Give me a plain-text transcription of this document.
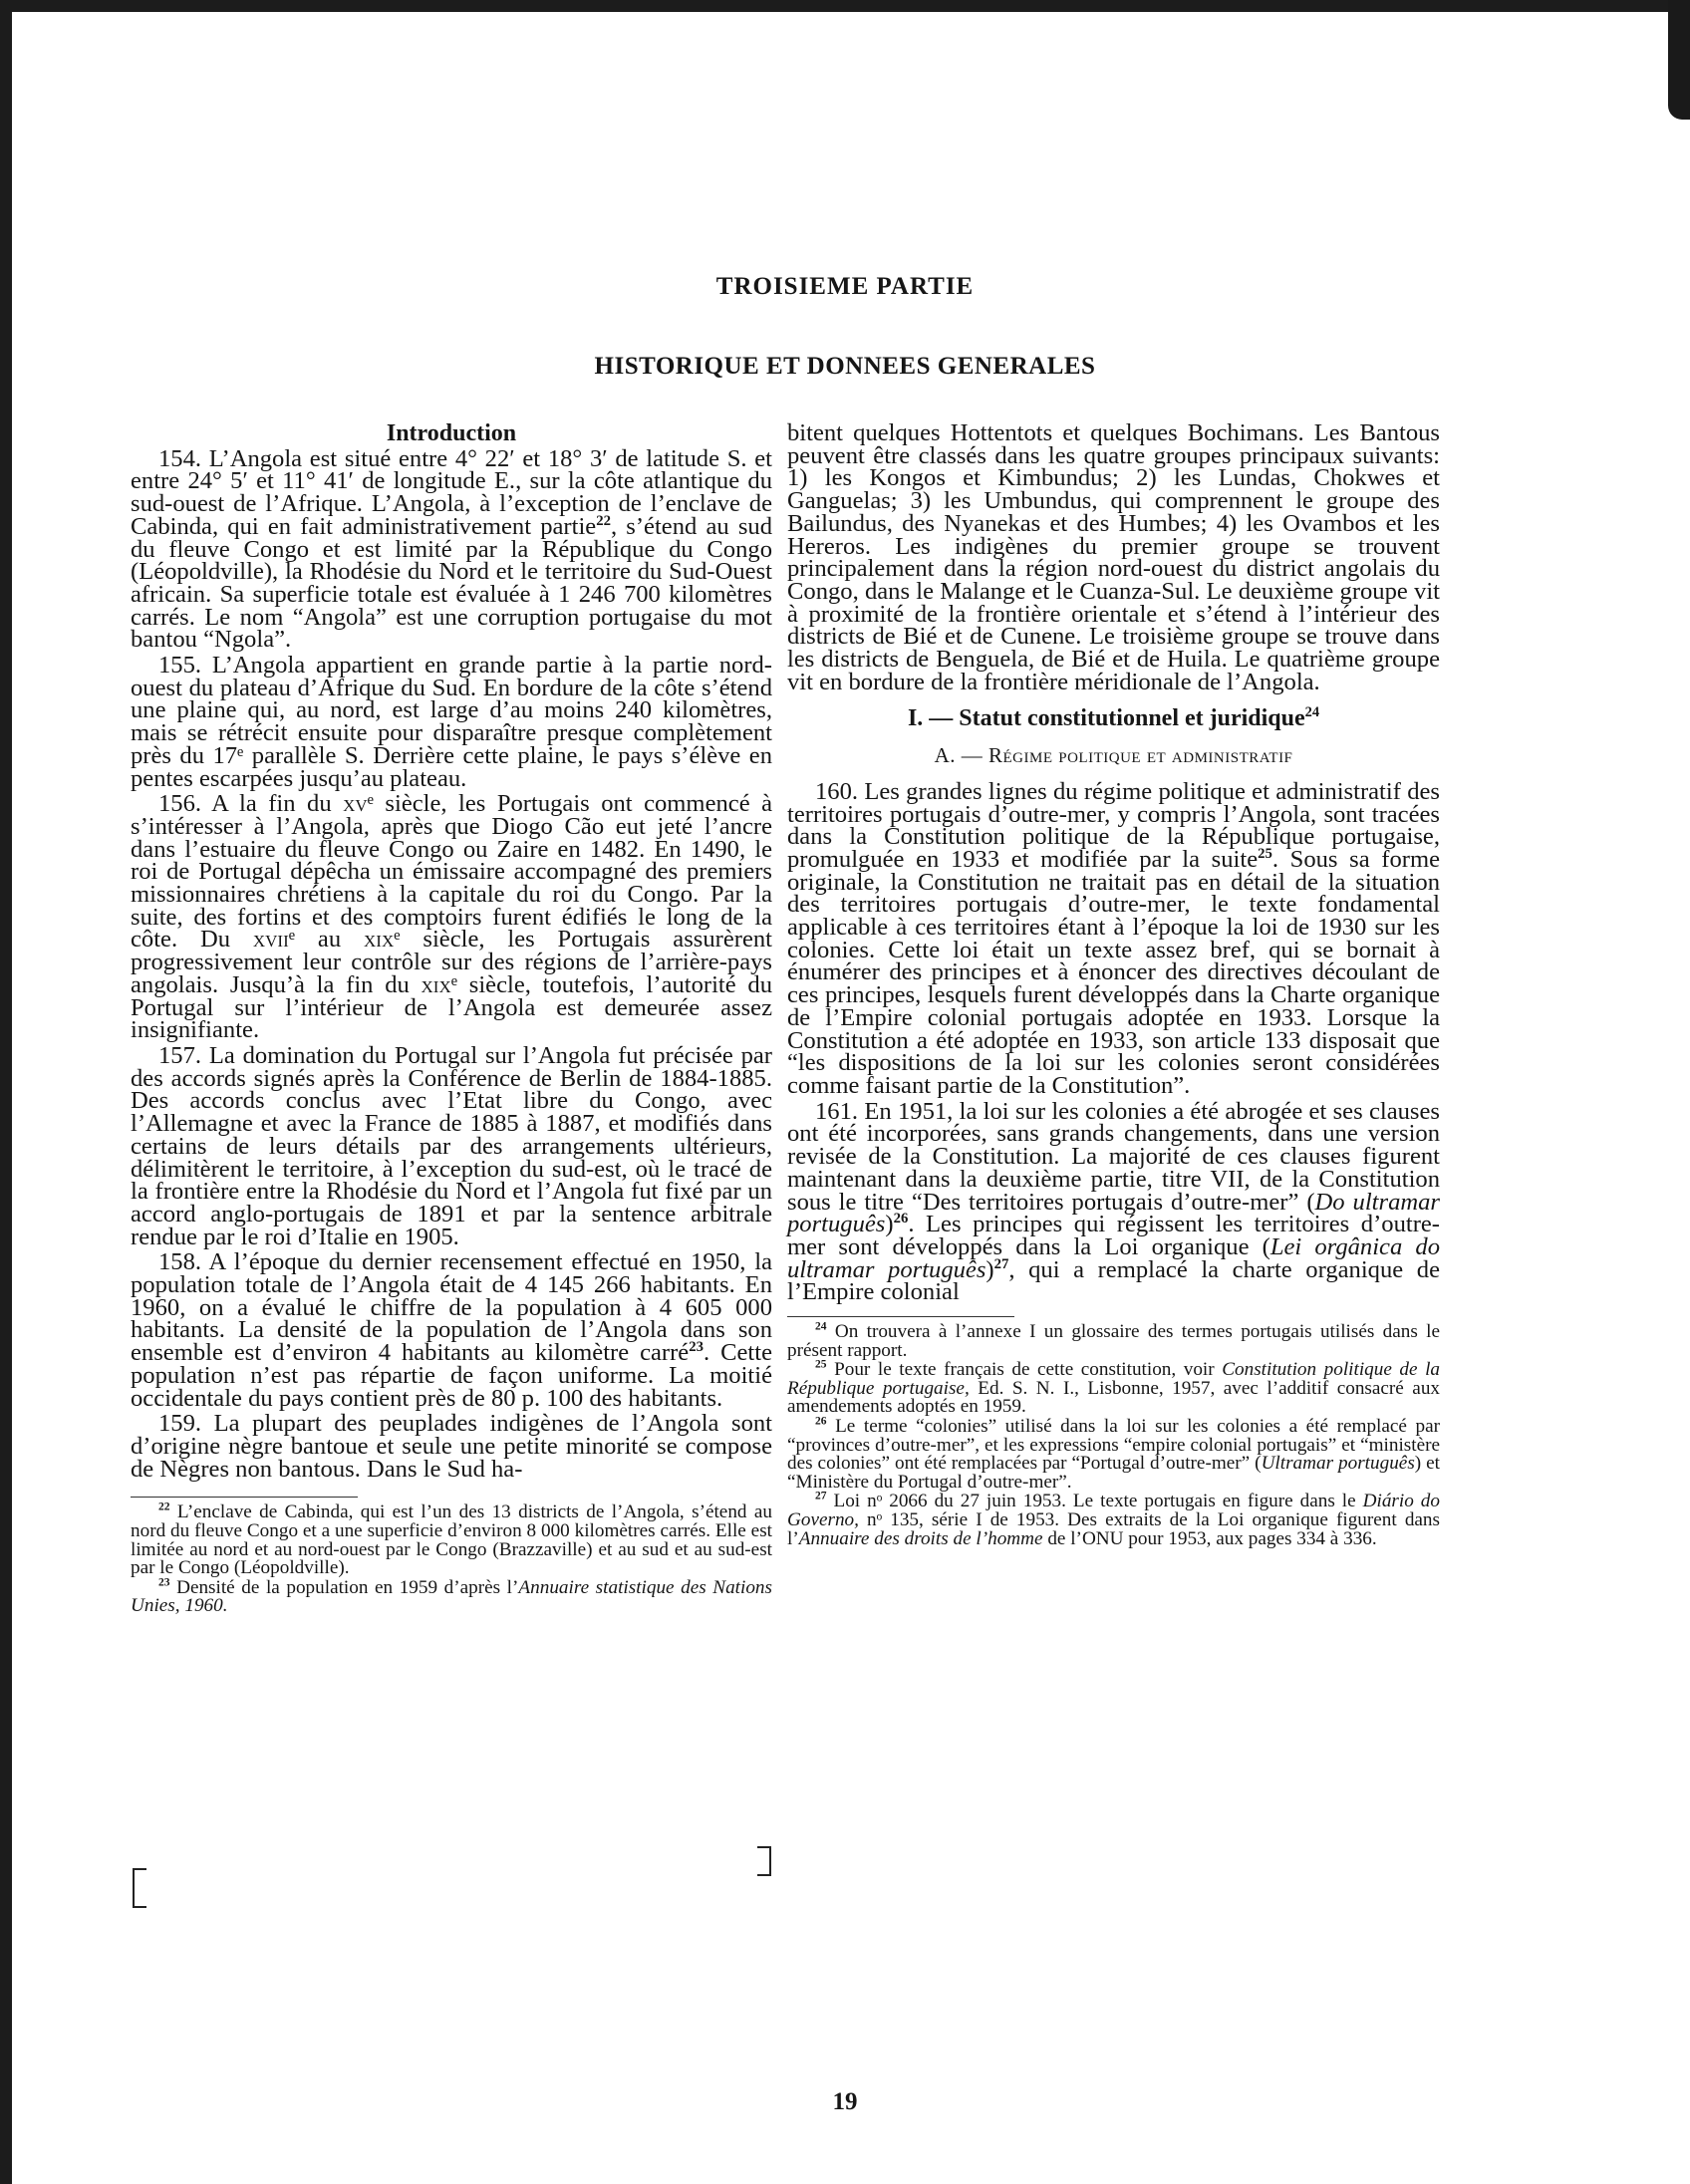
TROISIEME PARTIE
HISTORIQUE ET DONNEES GENERALES
Introduction

154. L’Angola est situé entre 4° 22′ et 18° 3′ de latitude S. et entre 24° 5′ et 11° 41′ de longitude E., sur la côte atlantique du sud-ouest de l’Afrique. L’Angola, à l’exception de l’enclave de Cabinda, qui en fait administrativement partie$^{22}$, s’étend au sud du fleuve Congo et est limité par la République du Congo (Léopoldville), la Rhodésie du Nord et le territoire du Sud-Ouest africain. Sa superficie totale est évaluée à 1 246 700 kilomètres carrés. Le nom “Angola” est une corruption portugaise du mot bantou “Ngola”.

155. L’Angola appartient en grande partie à la partie nord-ouest du plateau d’Afrique du Sud. En bordure de la côte s’étend une plaine qui, au nord, est large d’au moins 240 kilomètres, mais se rétrécit ensuite pour disparaître presque complètement près du 17ᵉ parallèle S. Derrière cette plaine, le pays s’élève en pentes escarpées jusqu’au plateau.

156. A la fin du xvᵉ siècle, les Portugais ont commencé à s’intéresser à l’Angola, après que Diogo Cão eut jeté l’ancre dans l’estuaire du fleuve Congo ou Zaire en 1482. En 1490, le roi de Portugal dépêcha un émissaire accompagné des premiers missionnaires chrétiens à la capitale du roi du Congo. Par la suite, des fortins et des comptoirs furent édifiés le long de la côte. Du xviiᵉ au xixᵉ siècle, les Portugais assurèrent progressivement leur contrôle sur des régions de l’arrière-pays angolais. Jusqu’à la fin du xixᵉ siècle, toutefois, l’autorité du Portugal sur l’intérieur de l’Angola est demeurée assez insignifiante.

157. La domination du Portugal sur l’Angola fut précisée par des accords signés après la Conférence de Berlin de 1884-1885. Des accords conclus avec l’Etat libre du Congo, avec l’Allemagne et avec la France de 1885 à 1887, et modifiés dans certains de leurs détails par des arrangements ultérieurs, délimitèrent le territoire, à l’exception du sud-est, où le tracé de la frontière entre la Rhodésie du Nord et l’Angola fut fixé par un accord anglo-portugais de 1891 et par la sentence arbitrale rendue par le roi d’Italie en 1905.

158. A l’époque du dernier recensement effectué en 1950, la population totale de l’Angola était de 4 145 266 habitants. En 1960, on a évalué le chiffre de la population à 4 605 000 habitants. La densité de la population de l’Angola dans son ensemble est d’environ 4 habitants au kilomètre carré$^{23}$. Cette population n’est pas répartie de façon uniforme. La moitié occidentale du pays contient près de 80 p. 100 des habitants.

159. La plupart des peuplades indigènes de l’Angola sont d’origine nègre bantoue et seule une petite minorité se compose de Nègres non bantous. Dans le Sud ha-

$^{22}$ L’enclave de Cabinda, qui est l’un des 13 districts de l’Angola, s’étend au nord du fleuve Congo et a une superficie d’environ 8 000 kilomètres carrés. Elle est limitée au nord et au nord-ouest par le Congo (Brazzaville) et au sud et au sud-est par le Congo (Léopoldville).

$^{23}$ Densité de la population en 1959 d’après l’Annuaire statistique des Nations Unies, 1960.

bitent quelques Hottentots et quelques Bochimans. Les Bantous peuvent être classés dans les quatre groupes principaux suivants: 1) les Kongos et Kimbundus; 2) les Lundas, Chokwes et Ganguelas; 3) les Umbundus, qui comprennent le groupe des Bailundus, des Nyanekas et des Humbes; 4) les Ovambos et les Hereros. Les indigènes du premier groupe se trouvent principalement dans la région nord-ouest du district angolais du Congo, dans le Malange et le Cuanza-Sul. Le deuxième groupe vit à proximité de la frontière orientale et s’étend à l’intérieur des districts de Bié et de Cunene. Le troisième groupe se trouve dans les districts de Benguela, de Bié et de Huila. Le quatrième groupe vit en bordure de la frontière méridionale de l’Angola.

I. — Statut constitutionnel et juridique$^{24}$
A. — Régime politique et administratif

160. Les grandes lignes du régime politique et administratif des territoires portugais d’outre-mer, y compris l’Angola, sont tracées dans la Constitution politique de la République portugaise, promulguée en 1933 et modifiée par la suite$^{25}$. Sous sa forme originale, la Constitution ne traitait pas en détail de la situation des territoires portugais d’outre-mer, le texte fondamental applicable à ces territoires étant à l’époque la loi de 1930 sur les colonies. Cette loi était un texte assez bref, qui se bornait à énumérer des principes et à énoncer des directives découlant de ces principes, lesquels furent développés dans la Charte organique de l’Empire colonial portugais adoptée en 1933. Lorsque la Constitution a été adoptée en 1933, son article 133 disposait que “les dispositions de la loi sur les colonies seront considérées comme faisant partie de la Constitution”.

161. En 1951, la loi sur les colonies a été abrogée et ses clauses ont été incorporées, sans grands changements, dans une version revisée de la Constitution. La majorité de ces clauses figurent maintenant dans la deuxième partie, titre VII, de la Constitution sous le titre “Des territoires portugais d’outre-mer” (Do ultramar português)$^{26}$. Les principes qui régissent les territoires d’outre-mer sont développés dans la Loi organique (Lei orgânica do ultramar português)$^{27}$, qui a remplacé la charte organique de l’Empire colonial

$^{24}$ On trouvera à l’annexe I un glossaire des termes portugais utilisés dans le présent rapport.

$^{25}$ Pour le texte français de cette constitution, voir Constitution politique de la République portugaise, Ed. S. N. I., Lisbonne, 1957, avec l’additif consacré aux amendements adoptés en 1959.

$^{26}$ Le terme “colonies” utilisé dans la loi sur les colonies a été remplacé par “provinces d’outre-mer”, et les expressions “empire colonial portugais” et “ministère des colonies” ont été remplacées par “Portugal d’outre-mer” (Ultramar português) et “Ministère du Portugal d’outre-mer”.

$^{27}$ Loi nᵒ 2066 du 27 juin 1953. Le texte portugais en figure dans le Diário do Governo, nᵒ 135, série I de 1953. Des extraits de la Loi organique figurent dans l’Annuaire des droits de l’homme de l’ONU pour 1953, aux pages 334 à 336.

19
